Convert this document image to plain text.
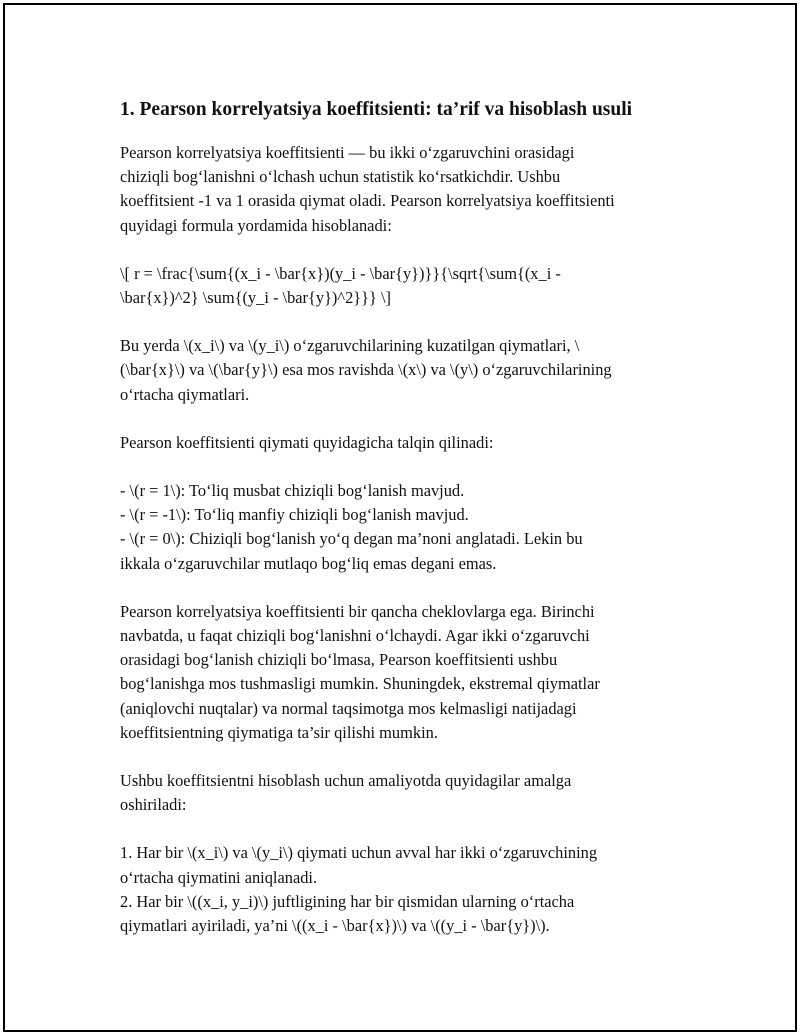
1. Pearson korrelyatsiya koeffitsienti: ta’rif va hisoblash usuli

Pearson korrelyatsiya koeffitsienti — bu ikki o‘zgaruvchini orasidagi
chiziqli bog‘lanishni o‘lchash uchun statistik ko‘rsatkichdir. Ushbu
koeffitsient -1 va 1 orasida qiymat oladi. Pearson korrelyatsiya koeffitsienti
quyidagi formula yordamida hisoblanadi:

\[ r = \frac{\sum{(x_i - \bar{x})(y_i - \bar{y})}}{\sqrt{\sum{(x_i -
\bar{x})^2} \sum{(y_i - \bar{y})^2}}} \]

Bu yerda \(x_i\) va \(y_i\) o‘zgaruvchilarining kuzatilgan qiymatlari, \
(\bar{x}\) va \(\bar{y}\) esa mos ravishda \(x\) va \(y\) o‘zgaruvchilarining
o‘rtacha qiymatlari.

Pearson koeffitsienti qiymati quyidagicha talqin qilinadi:

- \(r = 1\): To‘liq musbat chiziqli bog‘lanish mavjud.
- \(r = -1\): To‘liq manfiy chiziqli bog‘lanish mavjud.
- \(r = 0\): Chiziqli bog‘lanish yo‘q degan ma’noni anglatadi. Lekin bu
ikkala o‘zgaruvchilar mutlaqo bog‘liq emas degani emas.

Pearson korrelyatsiya koeffitsienti bir qancha cheklovlarga ega. Birinchi
navbatda, u faqat chiziqli bog‘lanishni o‘lchaydi. Agar ikki o‘zgaruvchi
orasidagi bog‘lanish chiziqli bo‘lmasa, Pearson koeffitsienti ushbu
bog‘lanishga mos tushmasligi mumkin. Shuningdek, ekstremal qiymatlar
(aniqlovchi nuqtalar) va normal taqsimotga mos kelmasligi natijadagi
koeffitsientning qiymatiga ta’sir qilishi mumkin.

Ushbu koeffitsientni hisoblash uchun amaliyotda quyidagilar amalga
oshiriladi:

1. Har bir \(x_i\) va \(y_i\) qiymati uchun avval har ikki o‘zgaruvchining
o‘rtacha qiymatini aniqlanadi.
2. Har bir \((x_i, y_i)\) juftligining har bir qismidan ularning o‘rtacha
qiymatlari ayiriladi, ya’ni \((x_i - \bar{x})\) va \((y_i - \bar{y})\).
